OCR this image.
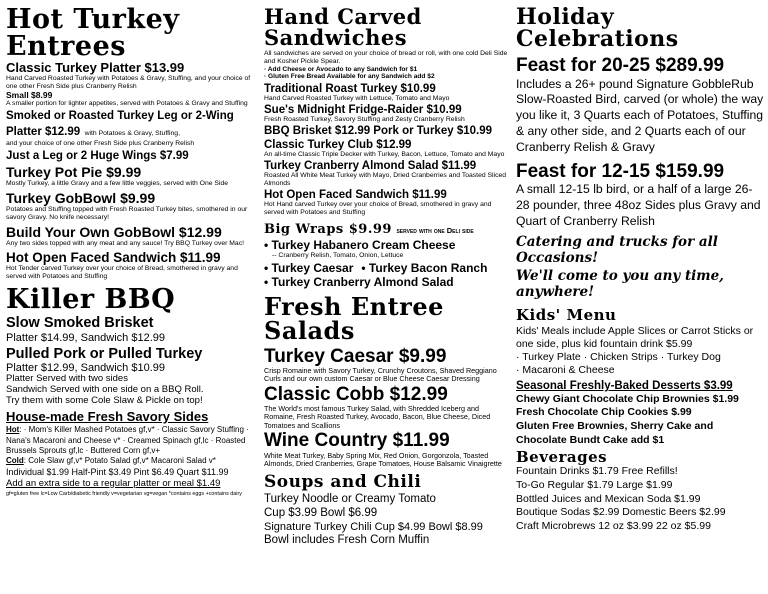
Hot Turkey Entrees
Classic Turkey Platter $13.99
Hand Carved Roasted Turkey with Potatoes & Gravy, Stuffing, and your choice of one other Fresh Side plus Cranberry Relish
Small $8.99
A smaller portion for lighter appetites, served with Potatoes & Gravy and Stuffing
Smoked or Roasted Turkey Leg or 2-Wing
Platter $12.99 with Potatoes & Gravy, Stuffing,
and your choice of one other Fresh Side plus Cranberry Relish
Just a Leg or 2 Huge Wings $7.99
Turkey Pot Pie $9.99
Mostly Turkey, a little Gravy and a few little veggies, served with One Side
Turkey GobBowl $9.99
Potatoes and Stuffing topped with Fresh Roasted Turkey bites, smothered in our savory Gravy. No knife necessary!
Build Your Own GobBowl $12.99
Any two sides topped with any meat and any sauce! Try BBQ Turkey over Mac!
Hot Open Faced Sandwich $11.99
Hot Tender carved Turkey over your choice of Bread, smothered in gravy and served with Potatoes and Stuffing
Killer BBQ
Slow Smoked Brisket
Platter $14.99, Sandwich $12.99
Pulled Pork or Pulled Turkey
Platter $12.99, Sandwich $10.99
Platter Served with two sides
Sandwich Served with one side on a BBQ Roll.
Try them with some Cole Slaw & Pickle on top!
House-made Fresh Savory Sides
Hot: · Mom's Killer Mashed Potatoes gf,v* · Classic Savory Stuffing · Nana's Macaroni and Cheese v* · Creamed Spinach gf,lc · Roasted Brussels Sprouts gf,lc · Buttered Corn gf,v+
Cold: Cole Slaw gf,v* Potato Salad gf,v* Macaroni Salad v*
Individual $1.99 Half-Pint $3.49 Pint $6.49 Quart $11.99
Add an extra side to a regular platter or meal $1.49
gf=gluten free lc=Low Carb/diabetic friendly v=vegetarian vg=vegan *contains eggs +contains dairy
Hand Carved Sandwiches
All sandwiches are served on your choice of bread or roll, with one cold Deli Side and Kosher Pickle Spear.
· Add Cheese or Avocado to any Sandwich for $1
· Gluten Free Bread Available for any Sandwich add $2
Traditional Roast Turkey $10.99
Hand Carved Roasted Turkey with Lettuce, Tomato and Mayo
Sue's Midnight Fridge-Raider $10.99
Fresh Roasted Turkey, Savory Stuffing and Zesty Cranberry Relish
BBQ Brisket $12.99 Pork or Turkey $10.99
Classic Turkey Club $12.99
An all-time Classic Triple Decker with Turkey, Bacon, Lettuce, Tomato and Mayo
Turkey Cranberry Almond Salad $11.99
Roasted All White Meat Turkey with Mayo, Dried Cranberries and Toasted Sliced Almonds
Hot Open Faced Sandwich $11.99
Hot Hand carved Turkey over your choice of Bread, smothered in gravy and served with Potatoes and Stuffing
Big Wraps $9.99 served with one Deli side
• Turkey Habanero Cream Cheese
-- Cranberry Relish, Tomato, Onion, Lettuce
• Turkey Caesar
•	Turkey Bacon Ranch
• Turkey Cranberry Almond Salad
Fresh Entree Salads
Turkey Caesar $9.99
Crisp Romaine with Savory Turkey, Crunchy Croutons, Shaved Reggiano Curls and our own custom Caesar or Blue Cheese Caesar Dressing
Classic Cobb $12.99
The World's most famous Turkey Salad, with Shredded Iceberg and Romaine, Fresh Roasted Turkey, Avocado, Bacon, Blue Cheese, Diced Tomatoes and Scallions
Wine Country $11.99
White Meat Turkey, Baby Spring Mix, Red Onion, Gorgonzola, Toasted Almonds, Dried Cranberries, Grape Tomatoes, House Balsamic Vinaigrette
Soups and Chili
Turkey Noodle or Creamy Tomato
Cup $3.99 Bowl $6.99
Signature Turkey Chili Cup $4.99 Bowl $8.99
Bowl includes Fresh Corn Muffin
Holiday Celebrations
Feast for 20-25 $289.99
Includes a 26+ pound Signature GobbleRub Slow-Roasted Bird, carved (or whole) the way you like it, 3 Quarts each of Potatoes, Stuffing & any other side, and 2 Quarts each of our Cranberry Relish & Gravy
Feast for 12-15 $159.99
A small 12-15 lb bird, or a half of a large 26-28 pounder, three 48oz Sides plus Gravy and Quart of Cranberry Relish
Catering and trucks for all Occasions!
We'll come to you any time, anywhere!
Kids' Menu
Kids' Meals include Apple Slices or Carrot Sticks or one side, plus kid fountain drink $5.99
· Turkey Plate · Chicken Strips · Turkey Dog
· Macaroni & Cheese
Seasonal Freshly-Baked Desserts $3.99
Chewy Giant Chocolate Chip Brownies $1.99
Fresh Chocolate Chip Cookies $.99
Gluten Free Brownies, Sherry Cake and
Chocolate Bundt Cake add $1
Beverages
Fountain Drinks $1.79 Free Refills!
To-Go Regular $1.79 Large $1.99
Bottled Juices and Mexican Soda $1.99
Boutique Sodas $2.99 Domestic Beers $2.99
Craft Microbrews 12 oz $3.99 22 oz $5.99
